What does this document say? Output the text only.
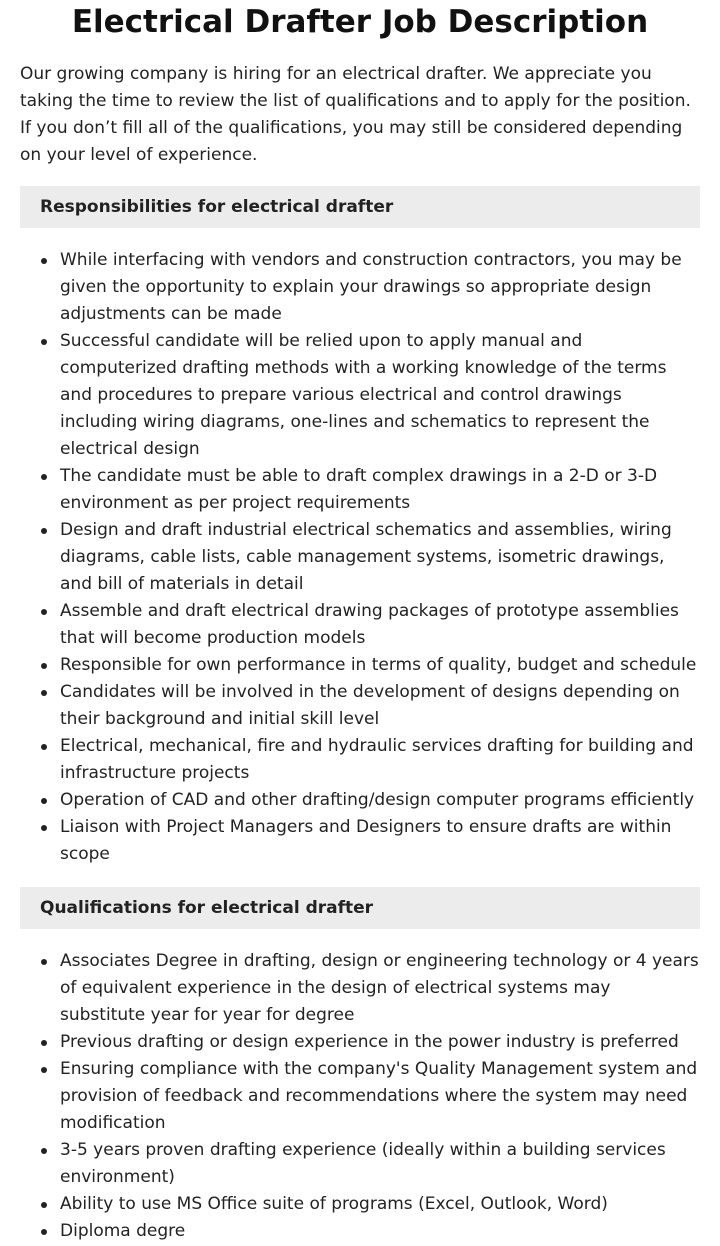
Electrical Drafter Job Description

Our growing company is hiring for an electrical drafter. We appreciate you taking the time to review the list of qualifications and to apply for the position. If you don’t fill all of the qualifications, you may still be considered depending on your level of experience.

Responsibilities for electrical drafter
While interfacing with vendors and construction contractors, you may be given the opportunity to explain your drawings so appropriate design adjustments can be made
Successful candidate will be relied upon to apply manual and computerized drafting methods with a working knowledge of the terms and procedures to prepare various electrical and control drawings including wiring diagrams, one-lines and schematics to represent the electrical design
The candidate must be able to draft complex drawings in a 2-D or 3-D environment as per project requirements
Design and draft industrial electrical schematics and assemblies, wiring diagrams, cable lists, cable management systems, isometric drawings, and bill of materials in detail
Assemble and draft electrical drawing packages of prototype assemblies that will become production models
Responsible for own performance in terms of quality, budget and schedule
Candidates will be involved in the development of designs depending on their background and initial skill level
Electrical, mechanical, fire and hydraulic services drafting for building and infrastructure projects
Operation of CAD and other drafting/design computer programs efficiently
Liaison with Project Managers and Designers to ensure drafts are within scope
Qualifications for electrical drafter
Associates Degree in drafting, design or engineering technology or 4 years of equivalent experience in the design of electrical systems may substitute year for year for degree
Previous drafting or design experience in the power industry is preferred
Ensuring compliance with the company's Quality Management system and provision of feedback and recommendations where the system may need modification
3-5 years proven drafting experience (ideally within a building services environment)
Ability to use MS Office suite of programs (Excel, Outlook, Word)
Diploma degre
